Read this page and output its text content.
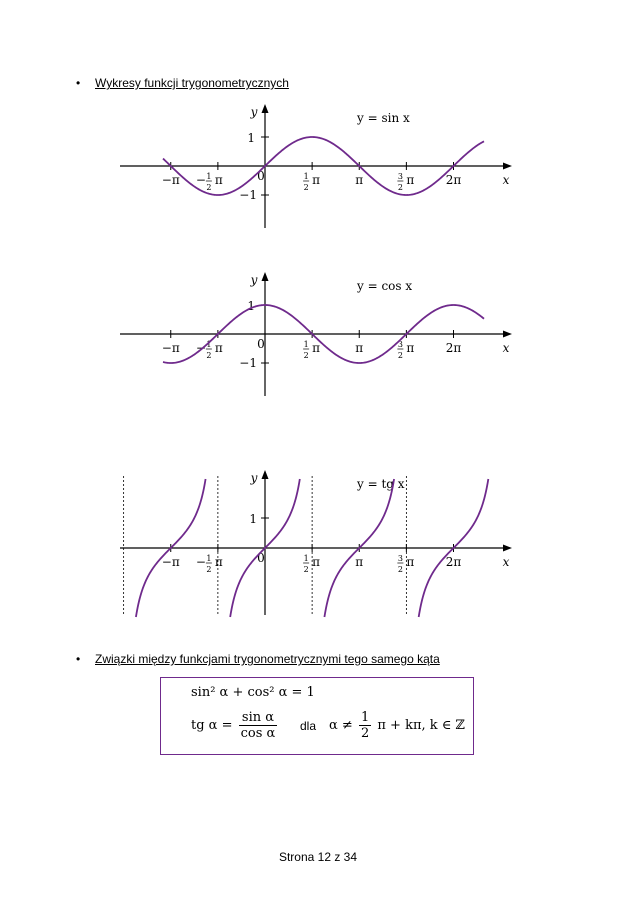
• Wykresy funkcji trygonometrycznych
x
y	y = sin x
1
−1
−π − 1
2
π	0	1
2
π	π	3
2
π	2π
x
y	y = cos x
1
−1
−π − 1
2
π	0	1
2
π	π	3
2
π	2π
x
y	y = tg x
1
−π − 1
2
π	0	1
2
π	π	3
2
π	2π
• Związki między funkcjami trygonometrycznymi tego samego kąta
sin² α + cos² α = 1
tg $\alpha = \frac{\text{sin α}}{\text{cos α}}$ dla $\alpha \ne \frac{1}{2}$ π + kπ, k ∈ ℤ
Strona 12 z 34
